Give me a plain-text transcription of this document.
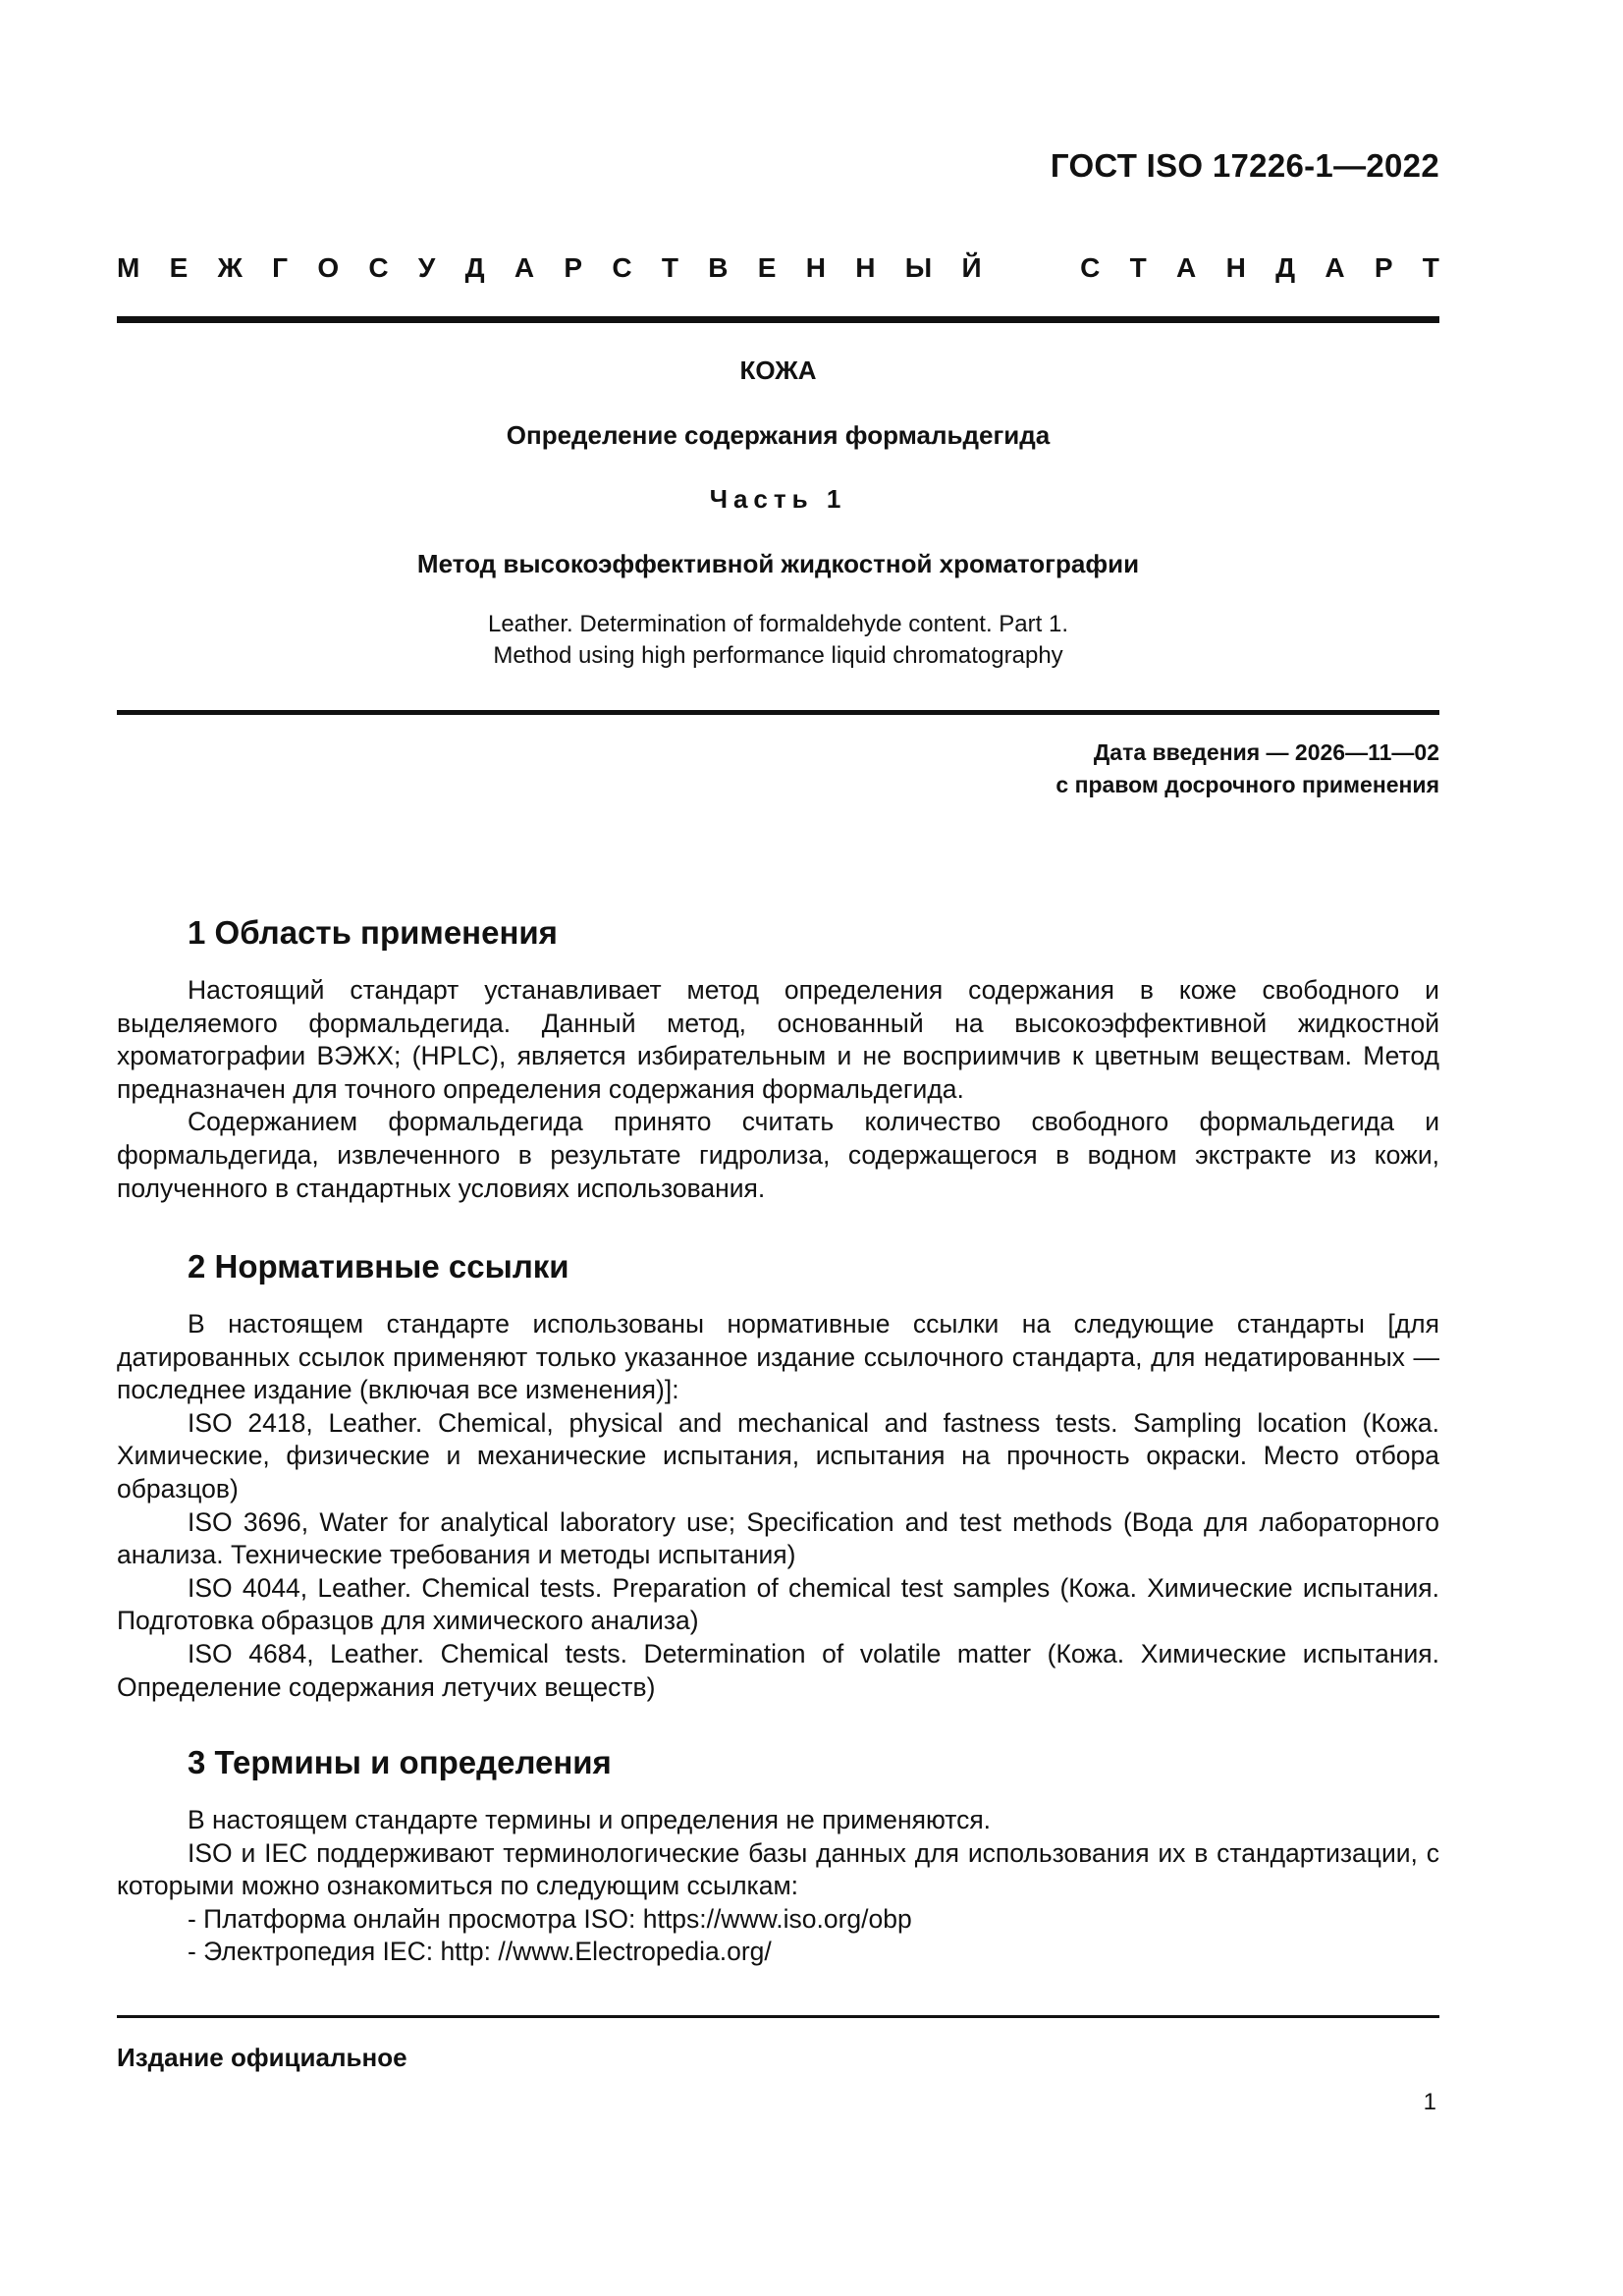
ГОСТ ISO 17226-1—2022
М Е Ж Г О С У Д А Р С Т В Е Н Н Ы Й	С Т А Н Д А Р Т
КОЖА
Определение содержания формальдегида
Часть 1
Метод высокоэффективной жидкостной хроматографии
Leather. Determination of formaldehyde content. Part 1.
Method using high performance liquid chromatography
Дата введения — 2026—11—02
с правом досрочного применения
1 Область применения

Настоящий стандарт устанавливает метод определения содержания в коже свободного и выделяемого формальдегида. Данный метод, основанный на высокоэффективной жидкостной хроматографии ВЭЖХ; (HPLC), является избирательным и не восприимчив к цветным веществам. Метод предназначен для точного определения содержания формальдегида.

Содержанием формальдегида принято считать количество свободного формальдегида и формальдегида, извлеченного в результате гидролиза, содержащегося в водном экстракте из кожи, полученного в стандартных условиях использования.

2 Нормативные ссылки

В настоящем стандарте использованы нормативные ссылки на следующие стандарты [для датированных ссылок применяют только указанное издание ссылочного стандарта, для недатированных — последнее издание (включая все изменения)]:

ISO 2418, Leather. Chemical, physical and mechanical and fastness tests. Sampling location (Кожа. Химические, физические и механические испытания, испытания на прочность окраски. Место отбора образцов)

ISO 3696, Water for analytical laboratory use; Specification and test methods (Вода для лабораторного анализа. Технические требования и методы испытания)

ISO 4044, Leather. Chemical tests. Preparation of chemical test samples (Кожа. Химические испытания. Подготовка образцов для химического анализа)

ISO 4684, Leather. Chemical tests. Determination of volatile matter (Кожа. Химические испытания. Определение содержания летучих веществ)

3 Термины и определения

В настоящем стандарте термины и определения не применяются.

ISO и IEC поддерживают терминологические базы данных для использования их в стандартизации, с которыми можно ознакомиться по следующим ссылкам:

- Платформа онлайн просмотра ISO: https://www.iso.org/obp
- Электропедия IEC: http: //www.Electropedia.org/
Издание официальное
1
